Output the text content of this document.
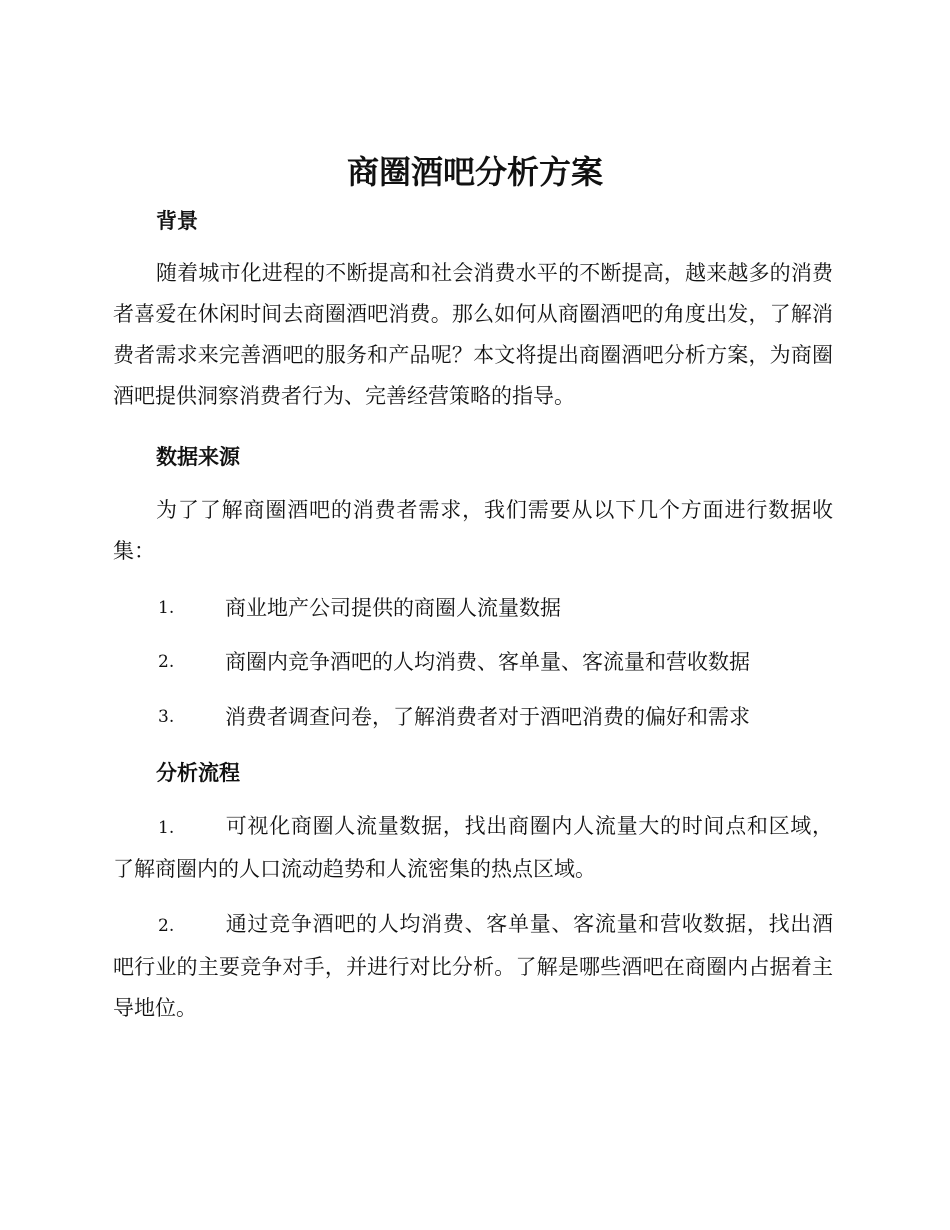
商圈酒吧分析方案
背景

随着城市化进程的不断提高和社会消费水平的不断提高，越来越多的消费者喜爱在休闲时间去商圈酒吧消费。那么如何从商圈酒吧的角度出发，了解消费者需求来完善酒吧的服务和产品呢？本文将提出商圈酒吧分析方案，为商圈酒吧提供洞察消费者行为、完善经营策略的指导。

数据来源

为了了解商圈酒吧的消费者需求，我们需要从以下几个方面进行数据收集：

1.	商业地产公司提供的商圈人流量数据
2.	商圈内竞争酒吧的人均消费、客单量、客流量和营收数据
3.	消费者调查问卷，了解消费者对于酒吧消费的偏好和需求
分析流程

1. 可视化商圈人流量数据，找出商圈内人流量大的时间点和区域，了解商圈内的人口流动趋势和人流密集的热点区域。

2. 通过竞争酒吧的人均消费、客单量、客流量和营收数据，找出酒吧行业的主要竞争对手，并进行对比分析。了解是哪些酒吧在商圈内占据着主导地位。
